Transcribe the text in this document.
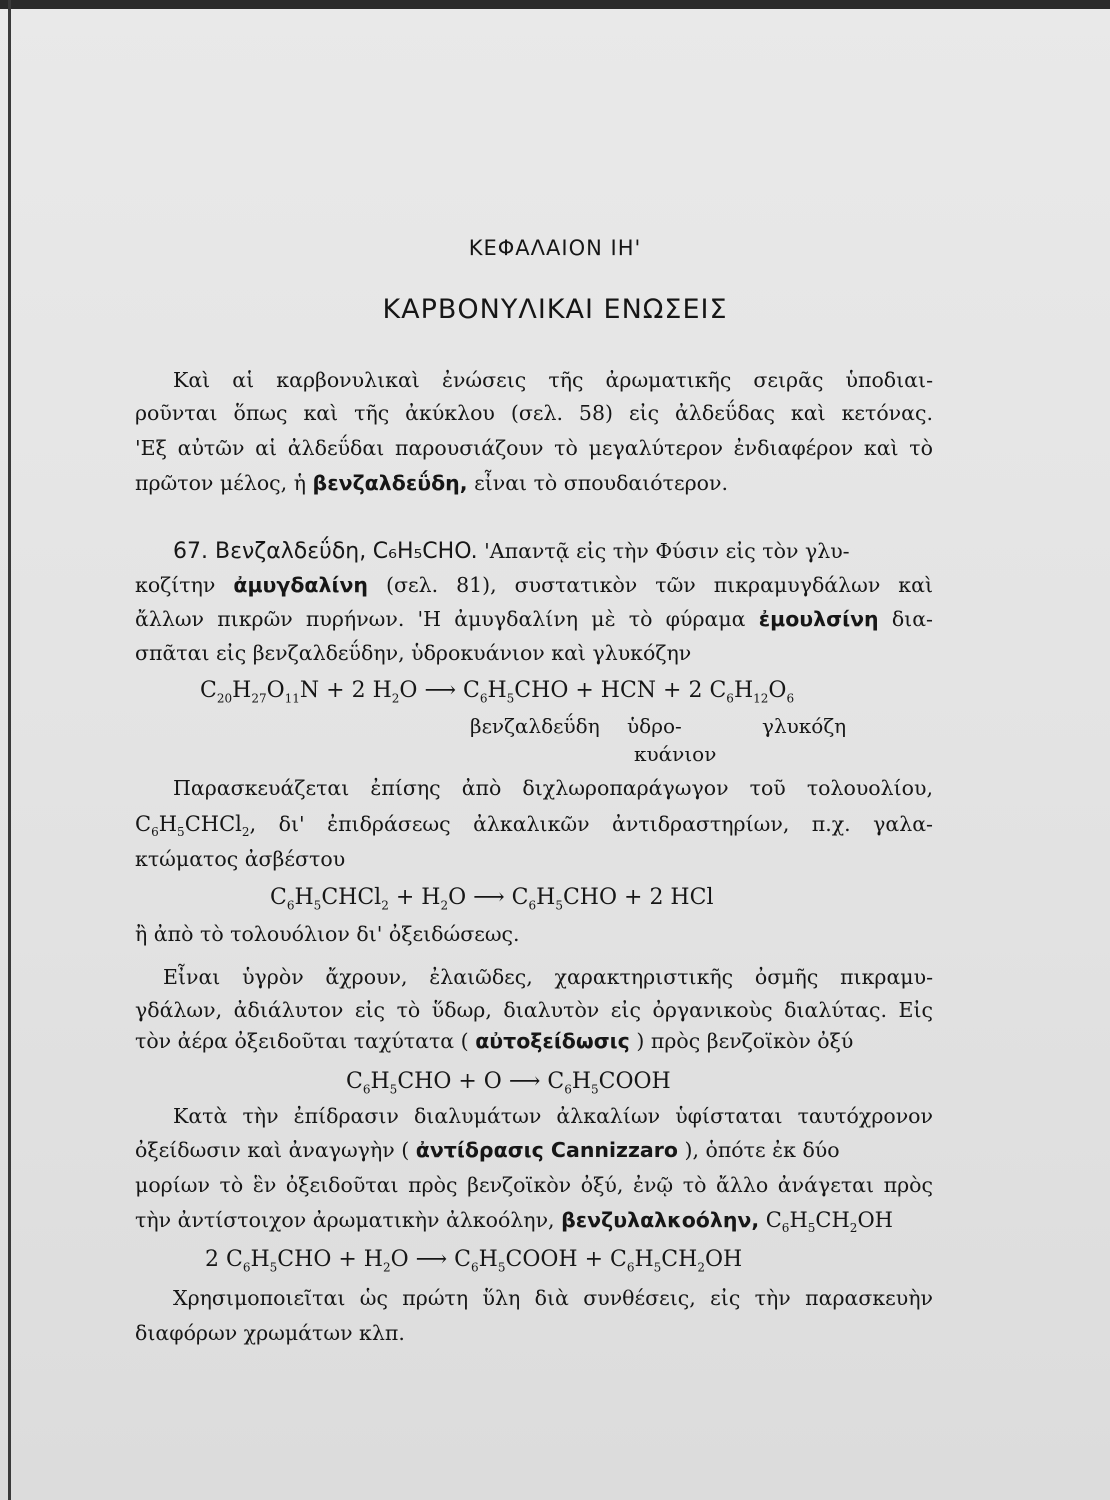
ΚΕΦΑΛΑΙΟΝ ΙΗ'
ΚΑΡΒΟΝΥΛΙΚΑΙ ΕΝΩΣΕΙΣ
Καὶ αἱ καρβονυλικαὶ ἐνώσεις τῆς ἀρωματικῆς σειρᾶς ὑποδιαι-
ροῦνται ὅπως καὶ τῆς ἀκύκλου (σελ. 58) εἰς ἀλδεΰδας καὶ κετόνας.
'Εξ αὐτῶν αἱ ἀλδεΰδαι παρουσιάζουν τὸ μεγαλύτερον ἐνδιαφέρον καὶ τὸ
πρῶτον μέλος, ἡ βενζαλδεΰδη, εἶναι τὸ σπουδαιότερον.
67. Βενζαλδεΰδη, C₆H₅CHO. 'Απαντᾷ εἰς τὴν Φύσιν εἰς τὸν γλυ-
κοζίτην ἀμυγδαλίνη (σελ. 81), συστατικὸν τῶν πικραμυγδάλων καὶ
ἄλλων πικρῶν πυρήνων. 'Η ἀμυγδαλίνη μὲ τὸ φύραμα ἐμουλσίνη δια-
σπᾶται εἰς βενζαλδεΰδην, ὑδροκυάνιον καὶ γλυκόζην
$C_{20}H_{27}O_{11}N + 2$ $H_2O$ ⟶ $C_6H_5CHO$ + HCN + 2 $C_6H_{12}O_6$
βενζαλδεΰδη ὑδρο-
κυάνιον
γλυκόζη
Παρασκευάζεται ἐπίσης ἀπὸ διχλωροπαράγωγον τοῦ τολουολίου,
$C_6H_5CHCl_2$, δι' ἐπιδράσεως ἀλκαλικῶν ἀντιδραστηρίων, π.χ. γαλα-
κτώματος ἀσβέστου
$C_6H_5CHCl_2 + H_2O$ ⟶ $C_6H_5CHO + 2$ HCl
ἢ ἀπὸ τὸ τολουόλιον δι' ὀξειδώσεως.
Εἶναι ὑγρὸν ἄχρουν, ἐλαιῶδες, χαρακτηριστικῆς ὀσμῆς πικραμυ-
γδάλων, ἀδιάλυτον εἰς τὸ ὕδωρ, διαλυτὸν εἰς ὀργανικοὺς διαλύτας. Εἰς
τὸν ἀέρα ὀξειδοῦται ταχύτατα ( αὐτοξείδωσις ) πρὸς βενζοϊκὸν ὀξύ
$C_6H_5CHO + O$ ⟶ $C_6H_5COOH$
Κατὰ τὴν ἐπίδρασιν διαλυμάτων ἀλκαλίων ὑφίσταται ταυτόχρονον
ὀξείδωσιν καὶ ἀναγωγὴν ( ἀντίδρασις Cannizzaro ), ὁπότε ἐκ δύο
μορίων τὸ ἓν ὀξειδοῦται πρὸς βενζοϊκὸν ὀξύ, ἐνῷ τὸ ἄλλο ἀνάγεται πρὸς
τὴν ἀντίστοιχον ἀρωματικὴν ἀλκοόλην, βενζυλαλκοόλην, $C_6H_5CH_2OH$
2 $C_6H_5CHO + H_2O$ ⟶ $C_6H_5COOH + C_6H_5CH_2OH$
Χρησιμοποιεῖται ὡς πρώτη ὕλη διὰ συνθέσεις, εἰς τὴν παρασκευὴν
διαφόρων χρωμάτων κλπ.
